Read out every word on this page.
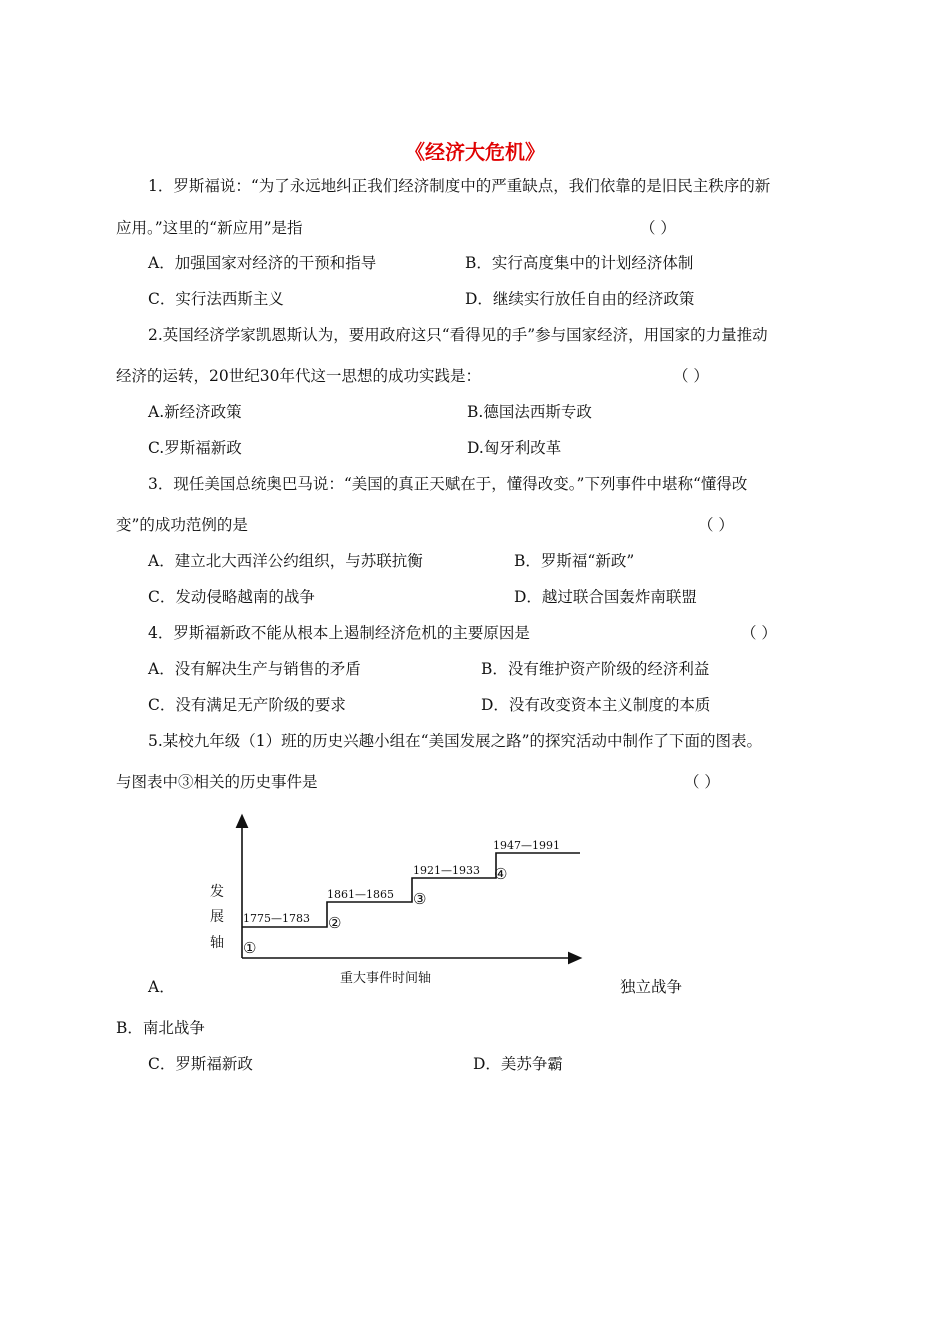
《经济大危机》
1．罗斯福说：“为了永远地纠正我们经济制度中的严重缺点，我们依靠的是旧民主秩序的新
应用。”这里的“新应用”是指	（ ）
A．加强国家对经济的干预和指导	B．实行高度集中的计划经济体制
C．实行法西斯主义	D．继续实行放任自由的经济政策
2.英国经济学家凯恩斯认为，要用政府这只“看得见的手”参与国家经济，用国家的力量推动
经济的运转，20世纪30年代这一思想的成功实践是：	（ ）
A.新经济政策	B.德国法西斯专政
C.罗斯福新政	D.匈牙利改革
3．现任美国总统奥巴马说：“美国的真正天赋在于，懂得改变。”下列事件中堪称“懂得改
变”的成功范例的是	（ ）
A．建立北大西洋公约组织，与苏联抗衡	B．罗斯福“新政”
C．发动侵略越南的战争	D．越过联合国轰炸南联盟
4．罗斯福新政不能从根本上遏制经济危机的主要原因是	（ ）
A．没有解决生产与销售的矛盾	B．没有维护资产阶级的经济利益
C．没有满足无产阶级的要求	D．没有改变资本主义制度的本质
5.某校九年级（1）班的历史兴趣小组在“美国发展之路”的探究活动中制作了下面的图表。
与图表中③相关的历史事件是	（ ）
发
展
轴
重大事件时间轴
1775—1783
1861—1865
1921—1933
1947—1991
①
②
③
④
A．	独立战争
B．南北战争
C．罗斯福新政	D．美苏争霸
